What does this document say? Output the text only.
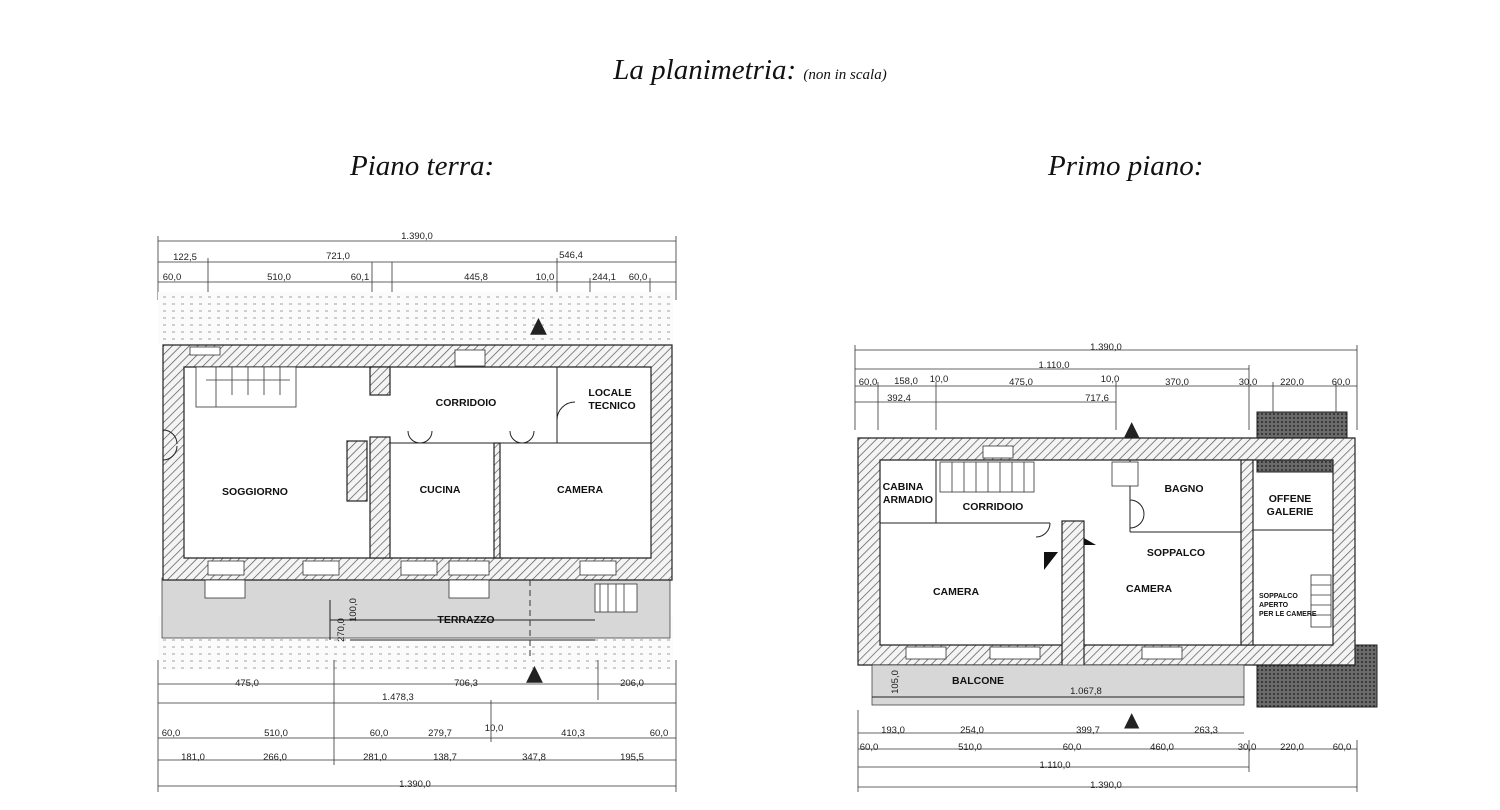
La planimetria: (non in scala)
Piano terra:	Primo piano:
1.390,0
122,5	721,0	546,4
60,0	510,0	60,1	445,8	10,0	244,1 60,0
▲
▲
SOGGIORNO
CORRIDOIO
LOCALE
TECNICO
CUCINA	CAMERA
TERRAZZO
100,0
270,0
475,0	706,3	206,0
1.478,3
60,0	510,0	60,0	279,7	10,0	410,3	60,0
181,0	266,0	281,0	138,7	347,8	195,5
1.390,0
1.390,0
1.110,0
60,0 158,0 10,0	475,0	10,0	370,0	30,0 220,0	60,0
392,4	717,6
▲
▲
CABINA
ARMADIO
CORRIDOIO
BAGNO
OFFENE
GALERIE
SOPPALCO
CAMERA	CAMERA
SOPPALCO
APERTO
PER LE CAMERE
BALCONE
105,0	1.067,8
193,0	254,0	399,7	263,3
60,0	510,0	60,0	460,0	30,0	220,0	60,0
1.110,0
1.390,0
